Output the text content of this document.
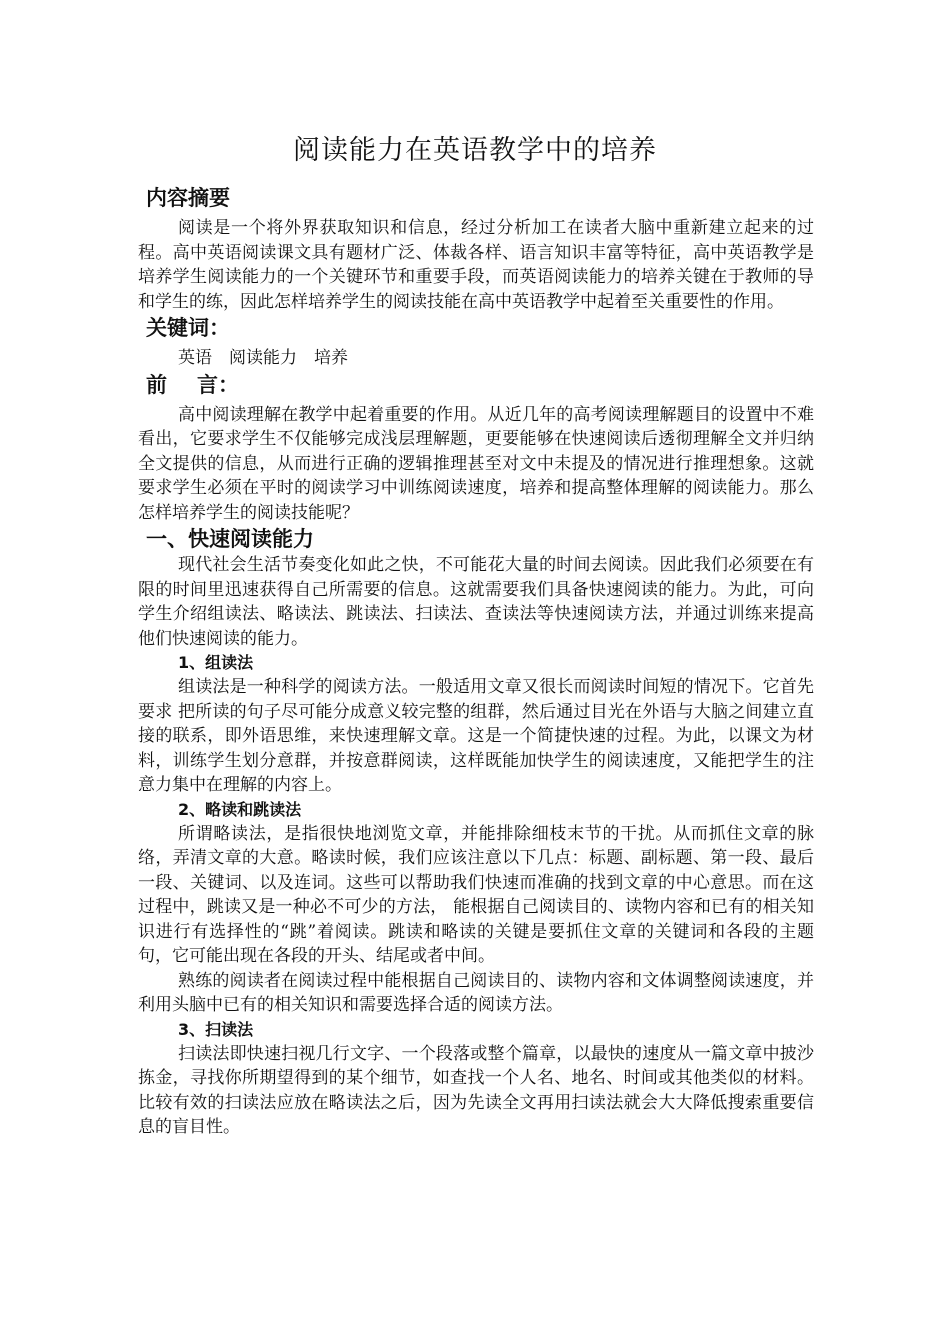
阅读能力在英语教学中的培养
内容摘要

阅读是一个将外界获取知识和信息，经过分析加工在读者大脑中重新建立起来的过程。高中英语阅读课文具有题材广泛、体裁各样、语言知识丰富等特征，高中英语教学是培养学生阅读能力的一个关键环节和重要手段，而英语阅读能力的培养关键在于教师的导和学生的练，因此怎样培养学生的阅读技能在高中英语教学中起着至关重要性的作用。

关键词：

英语　阅读能力　培养

前 言：

高中阅读理解在教学中起着重要的作用。从近几年的高考阅读理解题目的设置中不难看出，它要求学生不仅能够完成浅层理解题，更要能够在快速阅读后透彻理解全文并归纳全文提供的信息，从而进行正确的逻辑推理甚至对文中未提及的情况进行推理想象。这就要求学生必须在平时的阅读学习中训练阅读速度，培养和提高整体理解的阅读能力。那么怎样培养学生的阅读技能呢？

一、快速阅读能力

现代社会生活节奏变化如此之快，不可能花大量的时间去阅读。因此我们必须要在有限的时间里迅速获得自己所需要的信息。这就需要我们具备快速阅读的能力。为此，可向学生介绍组读法、略读法、跳读法、扫读法、查读法等快速阅读方法，并通过训练来提高他们快速阅读的能力。

1、组读法

组读法是一种科学的阅读方法。一般适用文章又很长而阅读时间短的情况下。它首先要求 把所读的句子尽可能分成意义较完整的组群，然后通过目光在外语与大脑之间建立直接的联系，即外语思维，来快速理解文章。这是一个简捷快速的过程。为此，以课文为材料，训练学生划分意群，并按意群阅读，这样既能加快学生的阅读速度，又能把学生的注意力集中在理解的内容上。

2、略读和跳读法

所谓略读法，是指很快地浏览文章，并能排除细枝末节的干扰。从而抓住文章的脉络，弄清文章的大意。略读时候，我们应该注意以下几点：标题、副标题、第一段、最后一段、关键词、以及连词。这些可以帮助我们快速而准确的找到文章的中心意思。而在这过程中，跳读又是一种必不可少的方法， 能根据自己阅读目的、读物内容和已有的相关知识进行有选择性的“跳”着阅读。跳读和略读的关键是要抓住文章的关键词和各段的主题句，它可能出现在各段的开头、结尾或者中间。

熟练的阅读者在阅读过程中能根据自己阅读目的、读物内容和文体调整阅读速度，并利用头脑中已有的相关知识和需要选择合适的阅读方法。

3、扫读法

扫读法即快速扫视几行文字、一个段落或整个篇章，以最快的速度从一篇文章中披沙拣金，寻找你所期望得到的某个细节，如查找一个人名、地名、时间或其他类似的材料。比较有效的扫读法应放在略读法之后，因为先读全文再用扫读法就会大大降低搜索重要信息的盲目性。
